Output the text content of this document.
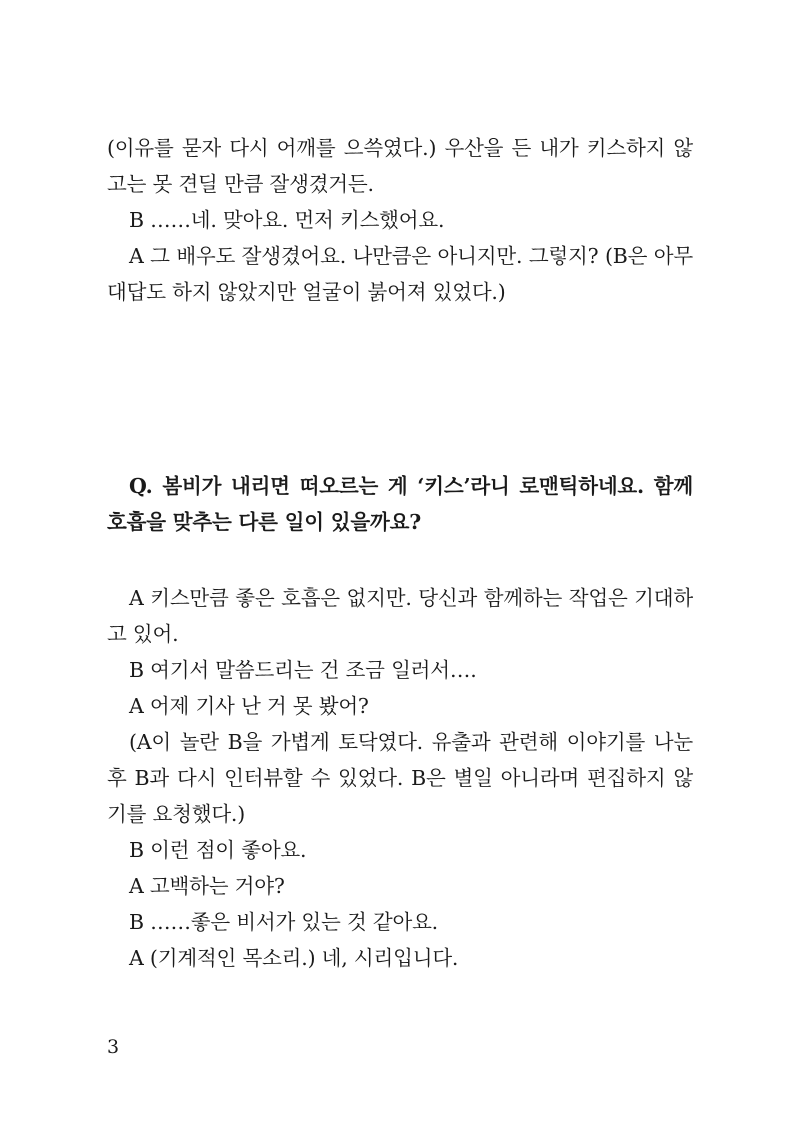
(이유를 묻자 다시 어깨를 으쓱였다.) 우산을 든 내가 키스하지 않고는 못 견딜 만큼 잘생겼거든.

B ……네. 맞아요. 먼저 키스했어요.

A 그 배우도 잘생겼어요. 나만큼은 아니지만. 그렇지? (B은 아무 대답도 하지 않았지만 얼굴이 붉어져 있었다.)

Q. 봄비가 내리면 떠오르는 게 ‘키스’라니 로맨틱하네요. 함께 호흡을 맞추는 다른 일이 있을까요?

A 키스만큼 좋은 호흡은 없지만. 당신과 함께하는 작업은 기대하고 있어.

B 여기서 말씀드리는 건 조금 일러서….

A 어제 기사 난 거 못 봤어?

(A이 놀란 B을 가볍게 토닥였다. 유출과 관련해 이야기를 나눈 후 B과 다시 인터뷰할 수 있었다. B은 별일 아니라며 편집하지 않기를 요청했다.)

B 이런 점이 좋아요.

A 고백하는 거야?

B ……좋은 비서가 있는 것 같아요.

A (기계적인 목소리.) 네, 시리입니다.

3
